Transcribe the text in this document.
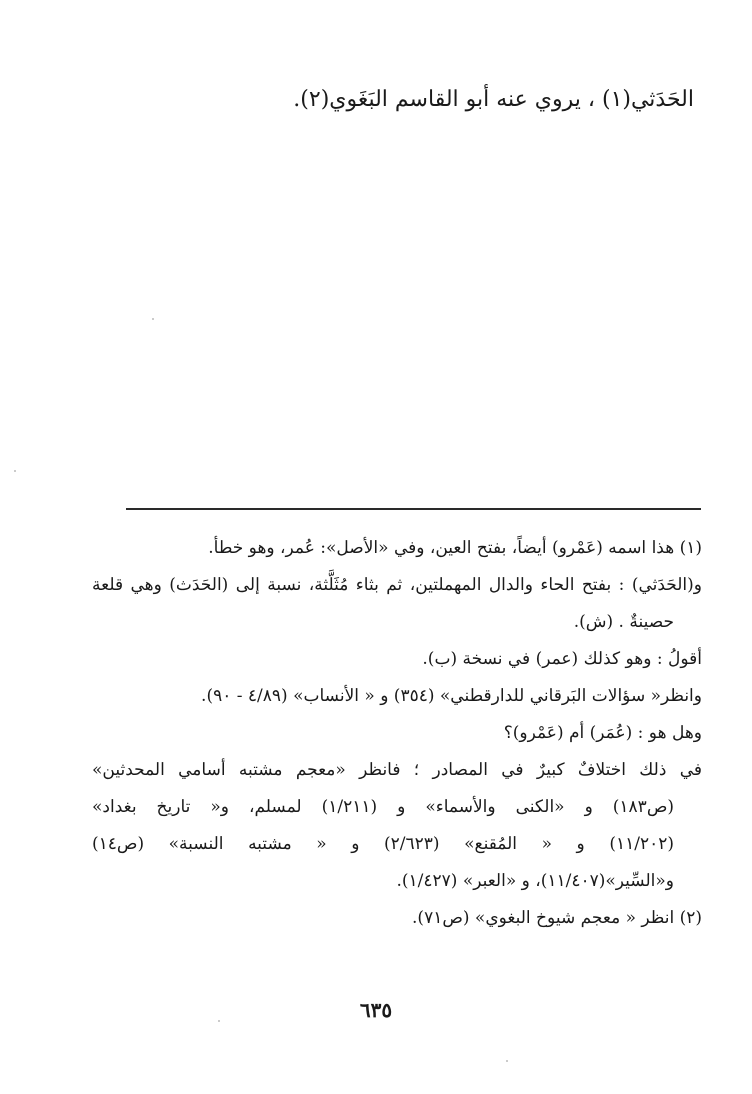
الحَدَثي(١) ، يروي عنه أبو القاسم البَغَوي(٢).
(١) هذا اسمه (عَمْرو) أيضاً، بفتح العين، وفي «الأصل»: عُمر، وهو خطأ.
و(الحَدَثي) : بفتح الحاء والدال المهملتين، ثم بثاء مُثَلَّثة، نسبة إلى (الحَدَث) وهي قلعة
حصينةٌ . (ش).
أقولُ : وهو كذلك (عمر) في نسخة (ب).
وانظر« سؤالات البَرقاني للدارقطني» (٣٥٤) و « الأنساب» (٤/٨٩ - ٩٠).
وهل هو : (عُمَر) أم (عَمْرو)؟
في ذلك اختلافٌ كبيرٌ في المصادر ؛ فانظر «معجم مشتبه أسامي المحدثين»
(ص١٨٣) و «الكنى والأسماء» و (١/٢١١) لمسلم، و« تاريخ بغداد»
(١١/٢٠٢) و « المُقنع» (٢/٦٢٣) و « مشتبه النسبة» (ص١٤)
و«السِّير»(١١/٤٠٧)، و «العبر» (١/٤٢٧).
(٢) انظر « معجم شيوخ البغوي» (ص٧١).
٦٣٥
